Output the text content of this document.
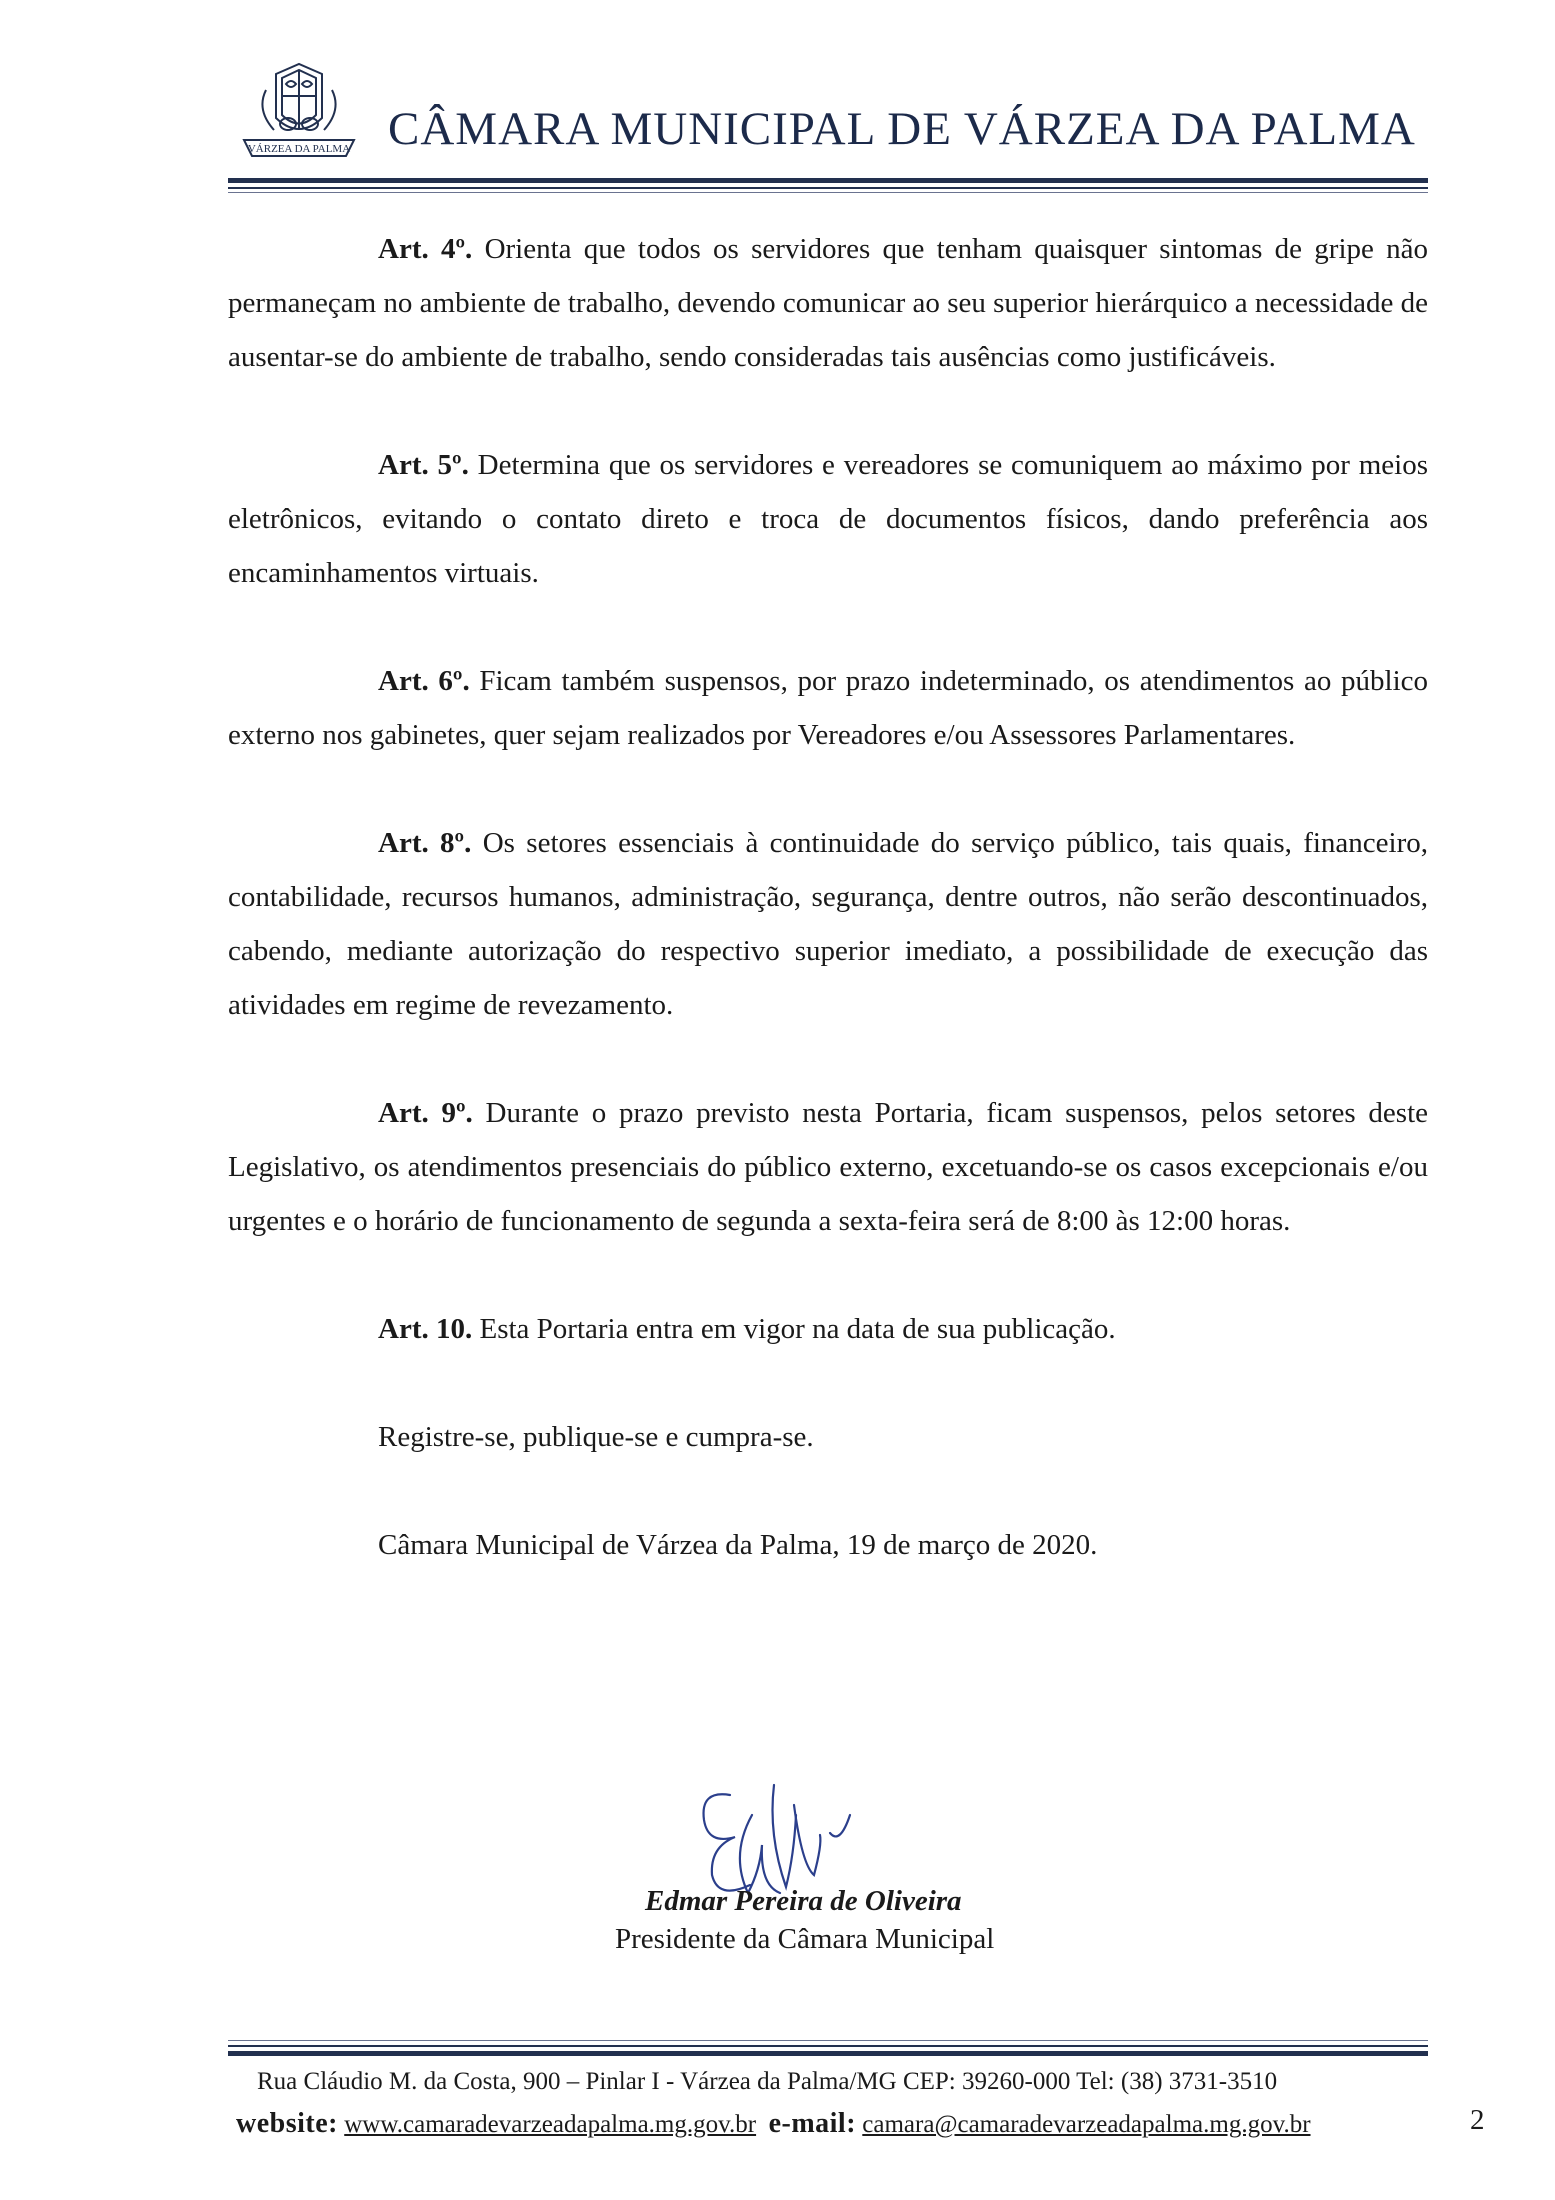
VÁRZEA DA PALMA CÂMARA MUNICIPAL DE VÁRZEA DA PALMA

Art. 4º. Orienta que todos os servidores que tenham quaisquer sintomas de gripe não permaneçam no ambiente de trabalho, devendo comunicar ao seu superior hierárquico a necessidade de ausentar-se do ambiente de trabalho, sendo consideradas tais ausências como justificáveis.

Art. 5º. Determina que os servidores e vereadores se comuniquem ao máximo por meios eletrônicos, evitando o contato direto e troca de documentos físicos, dando preferência aos encaminhamentos virtuais.

Art. 6º. Ficam também suspensos, por prazo indeterminado, os atendimentos ao público externo nos gabinetes, quer sejam realizados por Vereadores e/ou Assessores Parlamentares.

Art. 8º. Os setores essenciais à continuidade do serviço público, tais quais, financeiro, contabilidade, recursos humanos, administração, segurança, dentre outros, não serão descontinuados, cabendo, mediante autorização do respectivo superior imediato, a possibilidade de execução das atividades em regime de revezamento.

Art. 9º. Durante o prazo previsto nesta Portaria, ficam suspensos, pelos setores deste Legislativo, os atendimentos presenciais do público externo, excetuando-se os casos excepcionais e/ou urgentes e o horário de funcionamento de segunda a sexta-feira será de 8:00 às 12:00 horas.

Art. 10. Esta Portaria entra em vigor na data de sua publicação.

Registre-se, publique-se e cumpra-se.

Câmara Municipal de Várzea da Palma, 19 de março de 2020.

Edmar Pereira de Oliveira
Presidente da Câmara Municipal
Rua Cláudio M. da Costa, 900 – Pinlar I - Várzea da Palma/MG CEP: 39260-000 Tel: (38) 3731-3510
website: www.camaradevarzeadapalma.mg.gov.br e-mail: camara@camaradevarzeadapalma.mg.gov.br	2
